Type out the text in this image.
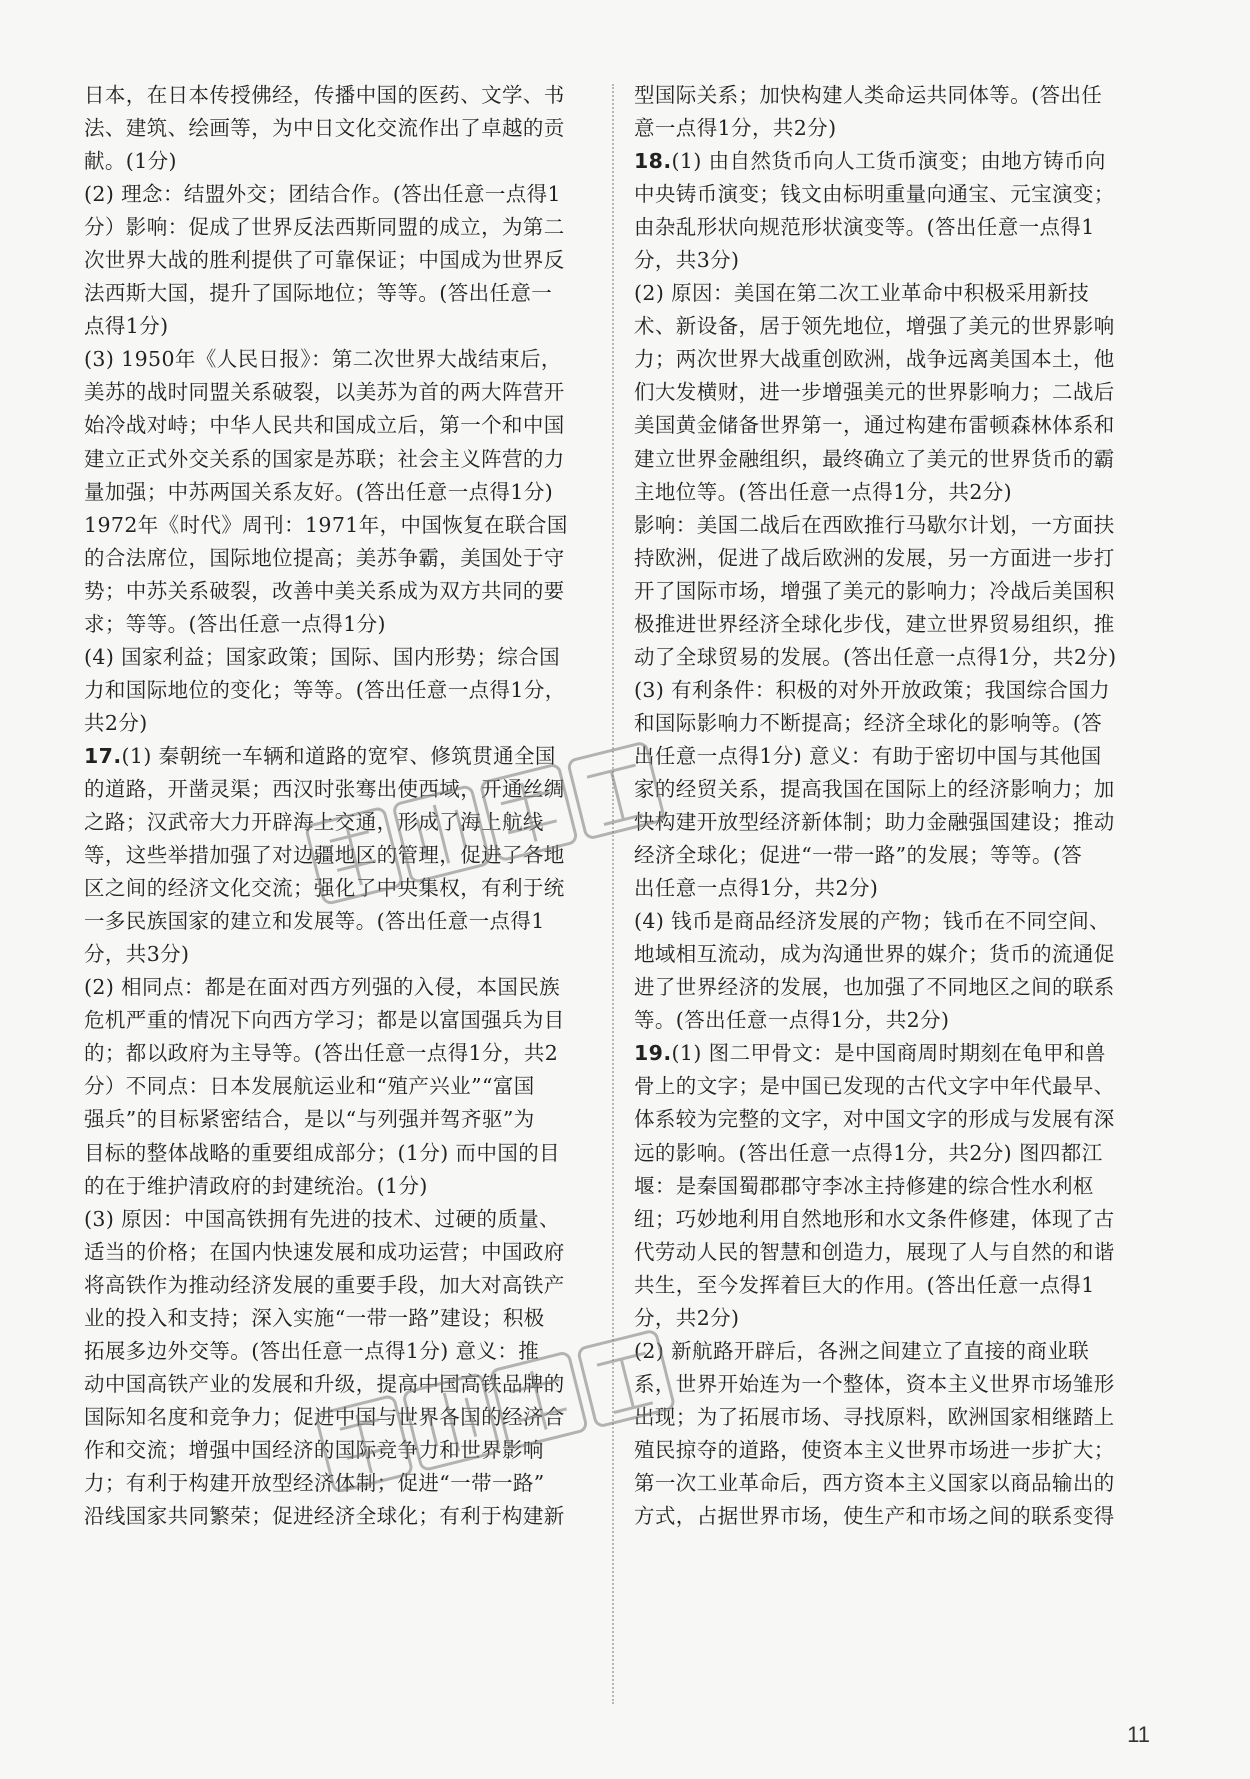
日本，在日本传授佛经，传播中国的医药、文学、书

法、建筑、绘画等，为中日文化交流作出了卓越的贡

献。(1分)

(2) 理念：结盟外交；团结合作。(答出任意一点得1

分）影响：促成了世界反法西斯同盟的成立，为第二

次世界大战的胜利提供了可靠保证；中国成为世界反

法西斯大国，提升了国际地位；等等。(答出任意一

点得1分)

(3) 1950年《人民日报》：第二次世界大战结束后，

美苏的战时同盟关系破裂，以美苏为首的两大阵营开

始冷战对峙；中华人民共和国成立后，第一个和中国

建立正式外交关系的国家是苏联；社会主义阵营的力

量加强；中苏两国关系友好。(答出任意一点得1分)

1972年《时代》周刊：1971年，中国恢复在联合国

的合法席位，国际地位提高；美苏争霸，美国处于守

势；中苏关系破裂，改善中美关系成为双方共同的要

求；等等。(答出任意一点得1分)

(4) 国家利益；国家政策；国际、国内形势；综合国

力和国际地位的变化；等等。(答出任意一点得1分，

共2分)

17.(1) 秦朝统一车辆和道路的宽窄、修筑贯通全国

的道路，开凿灵渠；西汉时张骞出使西域，开通丝绸

之路；汉武帝大力开辟海上交通，形成了海上航线

等，这些举措加强了对边疆地区的管理，促进了各地

区之间的经济文化交流；强化了中央集权，有利于统

一多民族国家的建立和发展等。(答出任意一点得1

分，共3分)

(2) 相同点：都是在面对西方列强的入侵，本国民族

危机严重的情况下向西方学习；都是以富国强兵为目

的；都以政府为主导等。(答出任意一点得1分，共2

分）不同点：日本发展航运业和“殖产兴业”“富国

强兵”的目标紧密结合，是以“与列强并驾齐驱”为

目标的整体战略的重要组成部分；(1分) 而中国的目

的在于维护清政府的封建统治。(1分)

(3) 原因：中国高铁拥有先进的技术、过硬的质量、

适当的价格；在国内快速发展和成功运营；中国政府

将高铁作为推动经济发展的重要手段，加大对高铁产

业的投入和支持；深入实施“一带一路”建设；积极

拓展多边外交等。(答出任意一点得1分) 意义：推

动中国高铁产业的发展和升级，提高中国高铁品牌的

国际知名度和竞争力；促进中国与世界各国的经济合

作和交流；增强中国经济的国际竞争力和世界影响

力；有利于构建开放型经济体制；促进“一带一路”

沿线国家共同繁荣；促进经济全球化；有利于构建新

型国际关系；加快构建人类命运共同体等。(答出任

意一点得1分，共2分)

18.(1) 由自然货币向人工货币演变；由地方铸币向

中央铸币演变；钱文由标明重量向通宝、元宝演变；

由杂乱形状向规范形状演变等。(答出任意一点得1

分，共3分)

(2) 原因：美国在第二次工业革命中积极采用新技

术、新设备，居于领先地位，增强了美元的世界影响

力；两次世界大战重创欧洲，战争远离美国本土，他

们大发横财，进一步增强美元的世界影响力；二战后

美国黄金储备世界第一，通过构建布雷顿森林体系和

建立世界金融组织，最终确立了美元的世界货币的霸

主地位等。(答出任意一点得1分，共2分)

影响：美国二战后在西欧推行马歇尔计划，一方面扶

持欧洲，促进了战后欧洲的发展，另一方面进一步打

开了国际市场，增强了美元的影响力；冷战后美国积

极推进世界经济全球化步伐，建立世界贸易组织，推

动了全球贸易的发展。(答出任意一点得1分，共2分)

(3) 有利条件：积极的对外开放政策；我国综合国力

和国际影响力不断提高；经济全球化的影响等。(答

出任意一点得1分) 意义：有助于密切中国与其他国

家的经贸关系，提高我国在国际上的经济影响力；加

快构建开放型经济新体制；助力金融强国建设；推动

经济全球化；促进“一带一路”的发展；等等。(答

出任意一点得1分，共2分)

(4) 钱币是商品经济发展的产物；钱币在不同空间、

地域相互流动，成为沟通世界的媒介；货币的流通促

进了世界经济的发展，也加强了不同地区之间的联系

等。(答出任意一点得1分，共2分)

19.(1) 图二甲骨文：是中国商周时期刻在龟甲和兽

骨上的文字；是中国已发现的古代文字中年代最早、

体系较为完整的文字，对中国文字的形成与发展有深

远的影响。(答出任意一点得1分，共2分) 图四都江

堰：是秦国蜀郡郡守李冰主持修建的综合性水利枢

纽；巧妙地利用自然地形和水文条件修建，体现了古

代劳动人民的智慧和创造力，展现了人与自然的和谐

共生，至今发挥着巨大的作用。(答出任意一点得1

分，共2分)

(2) 新航路开辟后，各洲之间建立了直接的商业联

系，世界开始连为一个整体，资本主义世界市场雏形

出现；为了拓展市场、寻找原料，欧洲国家相继踏上

殖民掠夺的道路，使资本主义世界市场进一步扩大；

第一次工业革命后，西方资本主义国家以商品输出的

方式，占据世界市场，使生产和市场之间的联系变得

11
